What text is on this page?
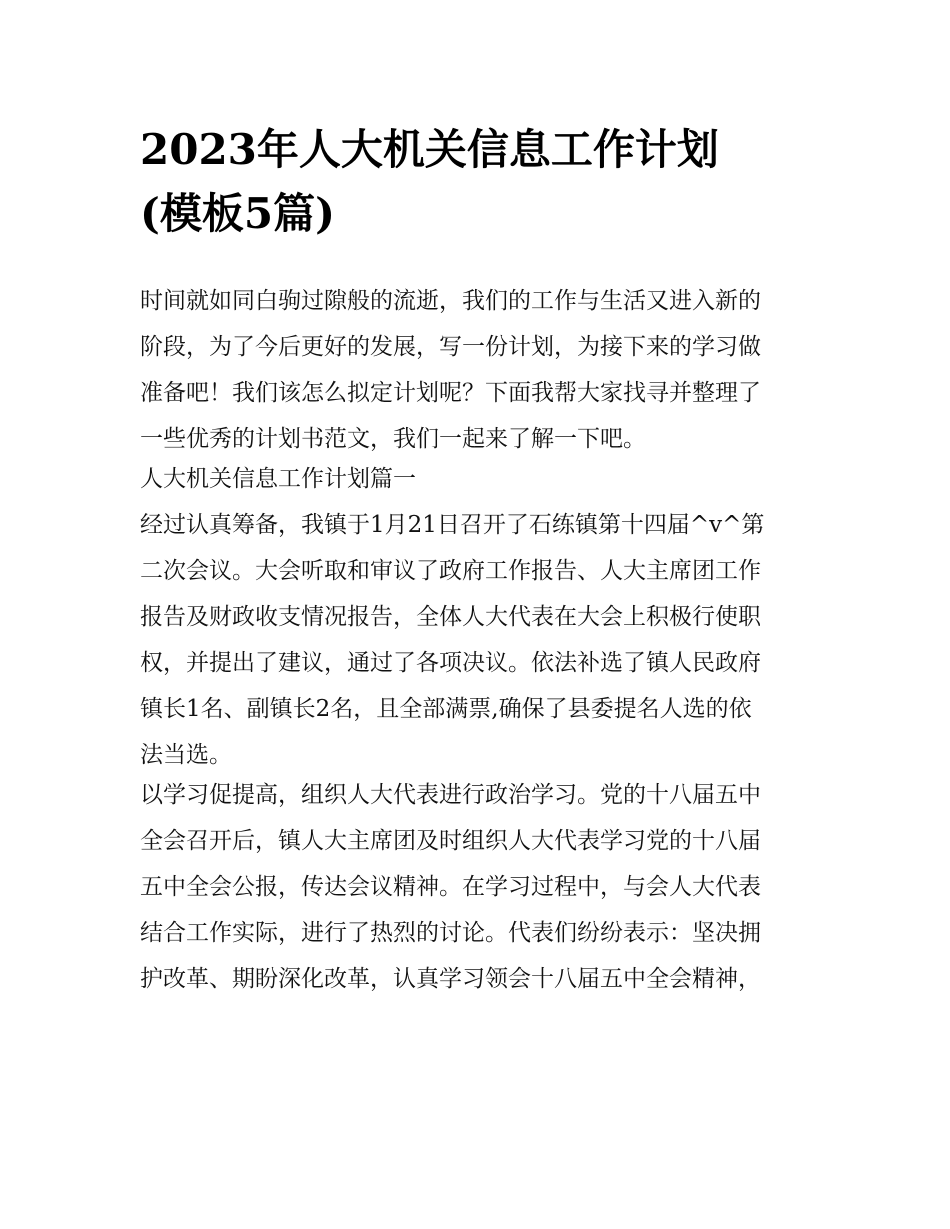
2023年人大机关信息工作计划
(模板5篇)
时间就如同白驹过隙般的流逝，我们的工作与生活又进入新的
阶段，为了今后更好的发展，写一份计划，为接下来的学习做
准备吧！我们该怎么拟定计划呢？下面我帮大家找寻并整理了
一些优秀的计划书范文，我们一起来了解一下吧。
人大机关信息工作计划篇一
经过认真筹备，我镇于1月21日召开了石练镇第十四届^v^第
二次会议。大会听取和审议了政府工作报告、人大主席团工作
报告及财政收支情况报告，全体人大代表在大会上积极行使职
权，并提出了建议，通过了各项决议。依法补选了镇人民政府
镇长1名、副镇长2名，且全部满票,确保了县委提名人选的依
法当选。
以学习促提高，组织人大代表进行政治学习。党的十八届五中
全会召开后，镇人大主席团及时组织人大代表学习党的十八届
五中全会公报，传达会议精神。在学习过程中，与会人大代表
结合工作实际，进行了热烈的讨论。代表们纷纷表示：坚决拥
护改革、期盼深化改革，认真学习领会十八届五中全会精神，
